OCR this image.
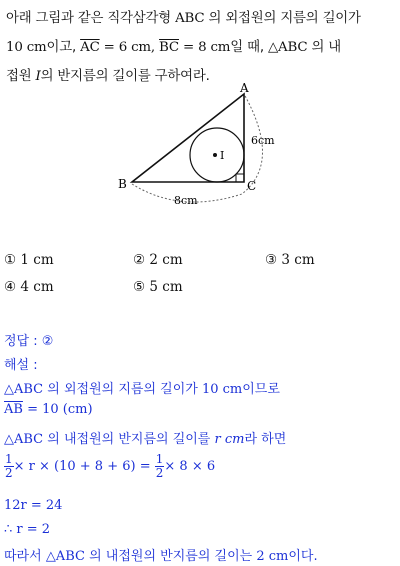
아래 그림과 같은 직각삼각형 ABC 의 외접원의 지름의 길이가
10 cm이고, $\overline{AC} = 6$ cm, $\overline{BC} = 8$ cm일 때, △ABC 의 내
접원 I의 반지름의 길이를 구하여라.
I
A
B	C
6cm
8cm
① 1 cm	② 2 cm	③ 3 cm
④ 4 cm	⑤ 5 cm
정답 : ②
해설 :
△ABC 의 외접원의 지름의 길이가 10 cm이므로
$\overline{AB} = 10$ (cm)
△ABC 의 내접원의 반지름의 길이를 r cm라 하면
$\frac{1}{2} \times r \times (10 + 8 + 6) = \frac{1}{2} \times 8 \times 6$
12r = 24
∴ r = 2
따라서 △ABC 의 내접원의 반지름의 길이는 2 cm이다.
